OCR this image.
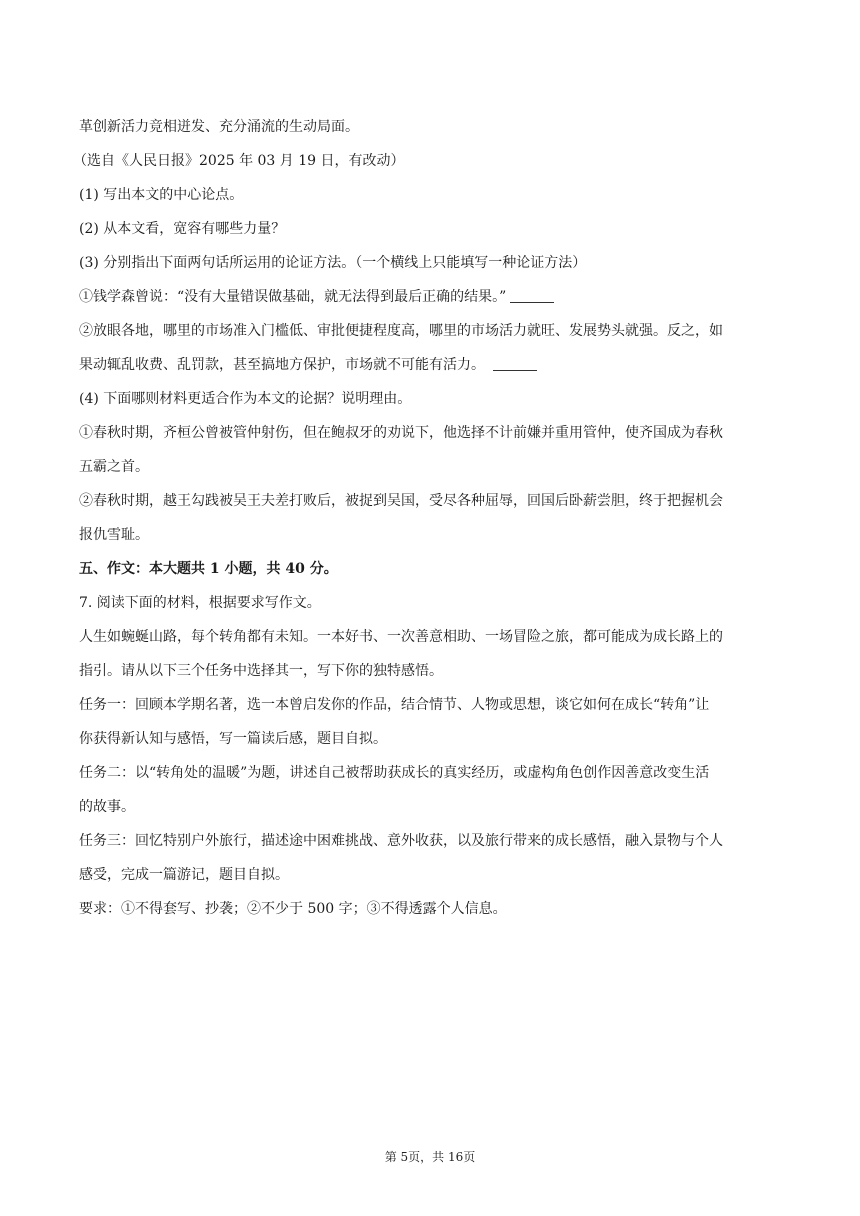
革创新活力竞相迸发、充分涌流的生动局面。

（选自《人民日报》2025 年 03 月 19 日，有改动）

(1) 写出本文的中心论点。

(2) 从本文看，宽容有哪些力量？

(3) 分别指出下面两句话所运用的论证方法。（一个横线上只能填写一种论证方法）

①钱学森曾说：“没有大量错误做基础，就无法得到最后正确的结果。”

②放眼各地，哪里的市场准入门槛低、审批便捷程度高，哪里的市场活力就旺、发展势头就强。反之，如

果动辄乱收费、乱罚款，甚至搞地方保护，市场就不可能有活力。

(4) 下面哪则材料更适合作为本文的论据？说明理由。

①春秋时期，齐桓公曾被管仲射伤，但在鲍叔牙的劝说下，他选择不计前嫌并重用管仲，使齐国成为春秋

五霸之首。

②春秋时期，越王勾践被吴王夫差打败后，被捉到吴国，受尽各种屈辱，回国后卧薪尝胆，终于把握机会

报仇雪耻。

五、作文：本大题共 1 小题，共 40 分。

7. 阅读下面的材料，根据要求写作文。

人生如蜿蜒山路，每个转角都有未知。一本好书、一次善意相助、一场冒险之旅，都可能成为成长路上的

指引。请从以下三个任务中选择其一，写下你的独特感悟。

任务一：回顾本学期名著，选一本曾启发你的作品，结合情节、人物或思想，谈它如何在成长“转角”让

你获得新认知与感悟，写一篇读后感，题目自拟。

任务二：以“转角处的温暖”为题，讲述自己被帮助获成长的真实经历，或虚构角色创作因善意改变生活

的故事。

任务三：回忆特别户外旅行，描述途中困难挑战、意外收获，以及旅行带来的成长感悟，融入景物与个人

感受，完成一篇游记，题目自拟。

要求：①不得套写、抄袭；②不少于 500 字；③不得透露个人信息。

第 5页，共 16页
